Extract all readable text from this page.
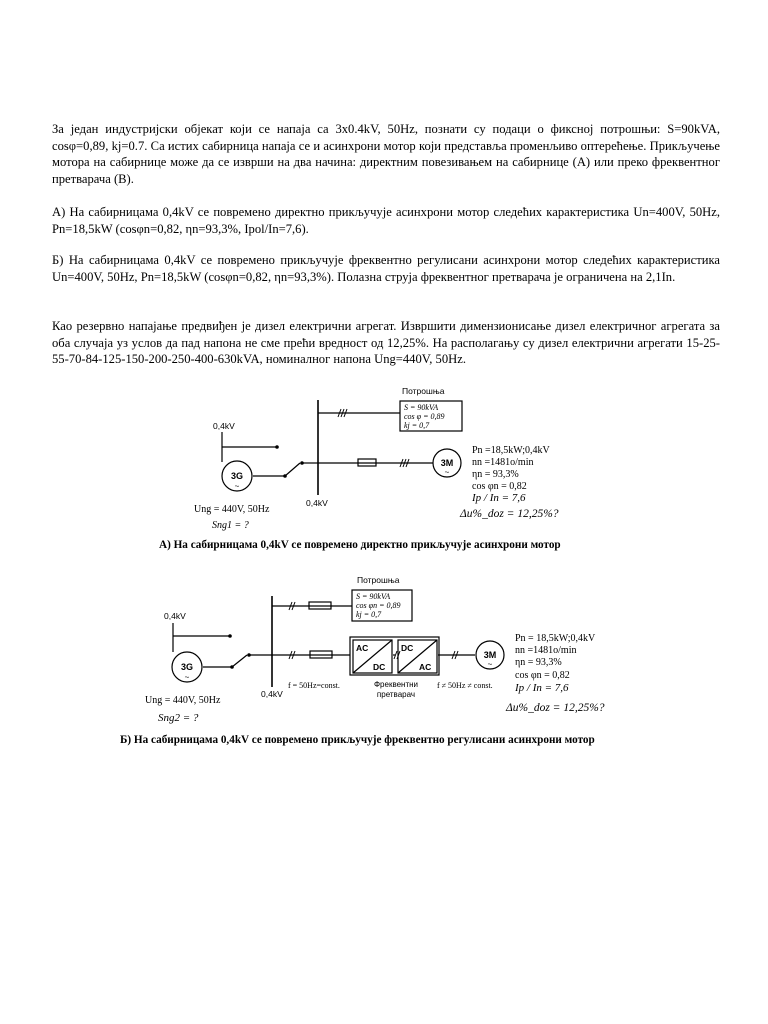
За један индустријски објекат који се напаја са 3x0.4kV, 50Hz, познати су подаци о фиксној потрошњи: S=90kVA, cosφ=0,89, kj=0.7. Са истих сабирница напаја се и асинхрони мотор који представља променљиво оптерећење. Прикључење мотора на сабирнице може да се изврши на два начина: директним повезивањем на сабирнице (А) или преко фреквентног претварача (В).

А) На сабирницама 0,4kV се повремено директно прикључује асинхрони мотор следећих карактеристика Un=400V, 50Hz, Pn=18,5kW (cosφn=0,82, ηn=93,3%, Ipol/In=7,6).

Б) На сабирницама 0,4kV се повремено прикључује фреквентно регулисани асинхрони мотор следећих карактеристика Un=400V, 50Hz, Pn=18,5kW (cosφn=0,82, ηn=93,3%). Полазна струја фреквентног претварача је ограничена на 2,1In.

Као резервно напајање предвиђен је дизел електрични агрегат. Извршити димензионисање дизел електричног агрегата за оба случаја уз услов да пад напона не сме прећи вредност од 12,25%. На располагању су дизел електрични агрегати 15-25-55-70-84-125-150-200-250-400-630kVA, номиналног напона Ung=440V, 50Hz.

Потрошња
S = 90kVA
cos φ = 0,89
kj = 0,7
0,4kV
0,4kV
3G
~
Ung = 440V, 50Hz
Sng1 = ?
3M
~
Pn =18,5kW;0,4kV
nn =1481o/min
ηn = 93,3%
cos φn = 0,82
Ip / In = 7,6
Δu%_doz = 12,25%?

А) На сабирницама 0,4kV се повремено директно прикључује асинхрони мотор

Потрошња
S = 90kVA
cos φn = 0,89
kj = 0,7
0,4kV
0,4kV
3G
~
Ung = 440V, 50Hz
Sng2 = ?
f = 50Hz=const.	f ≠ 50Hz ≠ const.
AC
DC
DC
AC
Фреквентни
претварач
3M
~
Pn = 18,5kW;0,4kV
nn =1481o/min
ηn = 93,3%
cos φn = 0,82
Ip / In = 7,6
Δu%_doz = 12,25%?

Б) На сабирницама 0,4kV се повремено прикључује фреквентно регулисани асинхрони мотор
